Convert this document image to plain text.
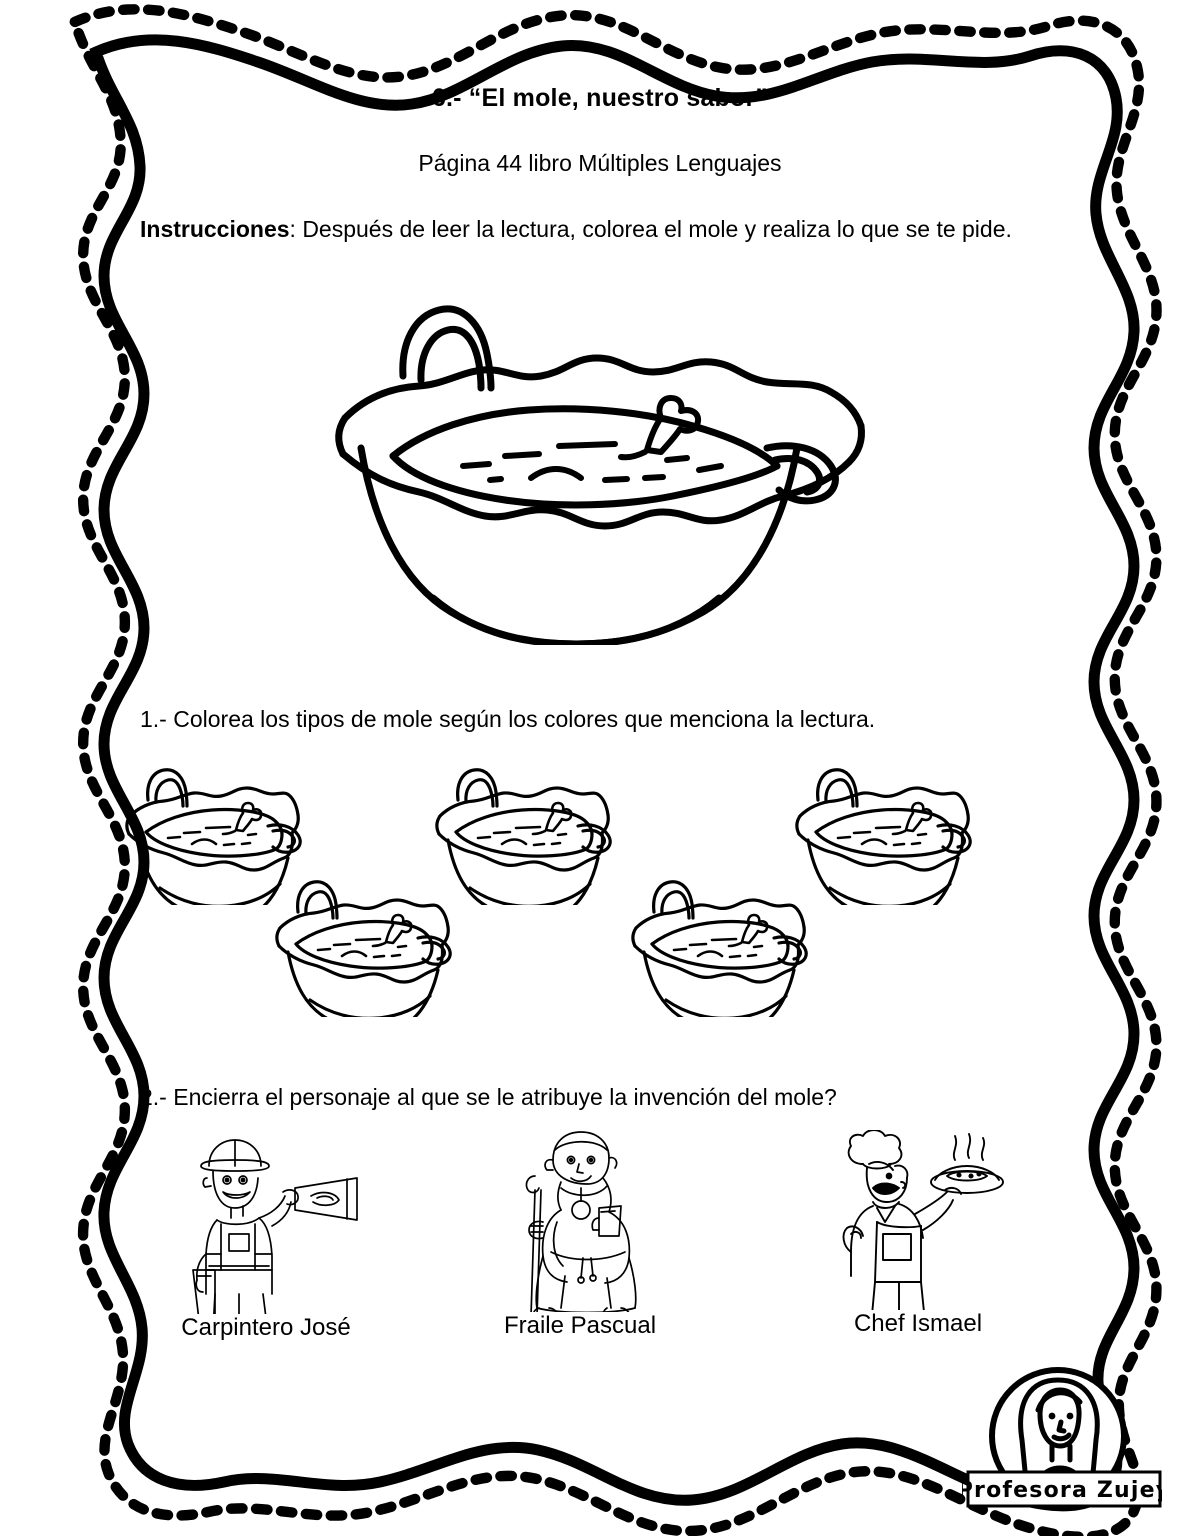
6.- “El mole, nuestro sabor”

Página 44 libro Múltiples Lenguajes

Instrucciones: Después de leer la lectura, colorea el mole y realiza lo que se te pide.

1.- Colorea los tipos de mole según los colores que menciona la lectura.

2.- Encierra el personaje al que se le atribuye la invención del mole?

Carpintero José	Fraile Pascual	Chef Ismael

Profesora Zujey
